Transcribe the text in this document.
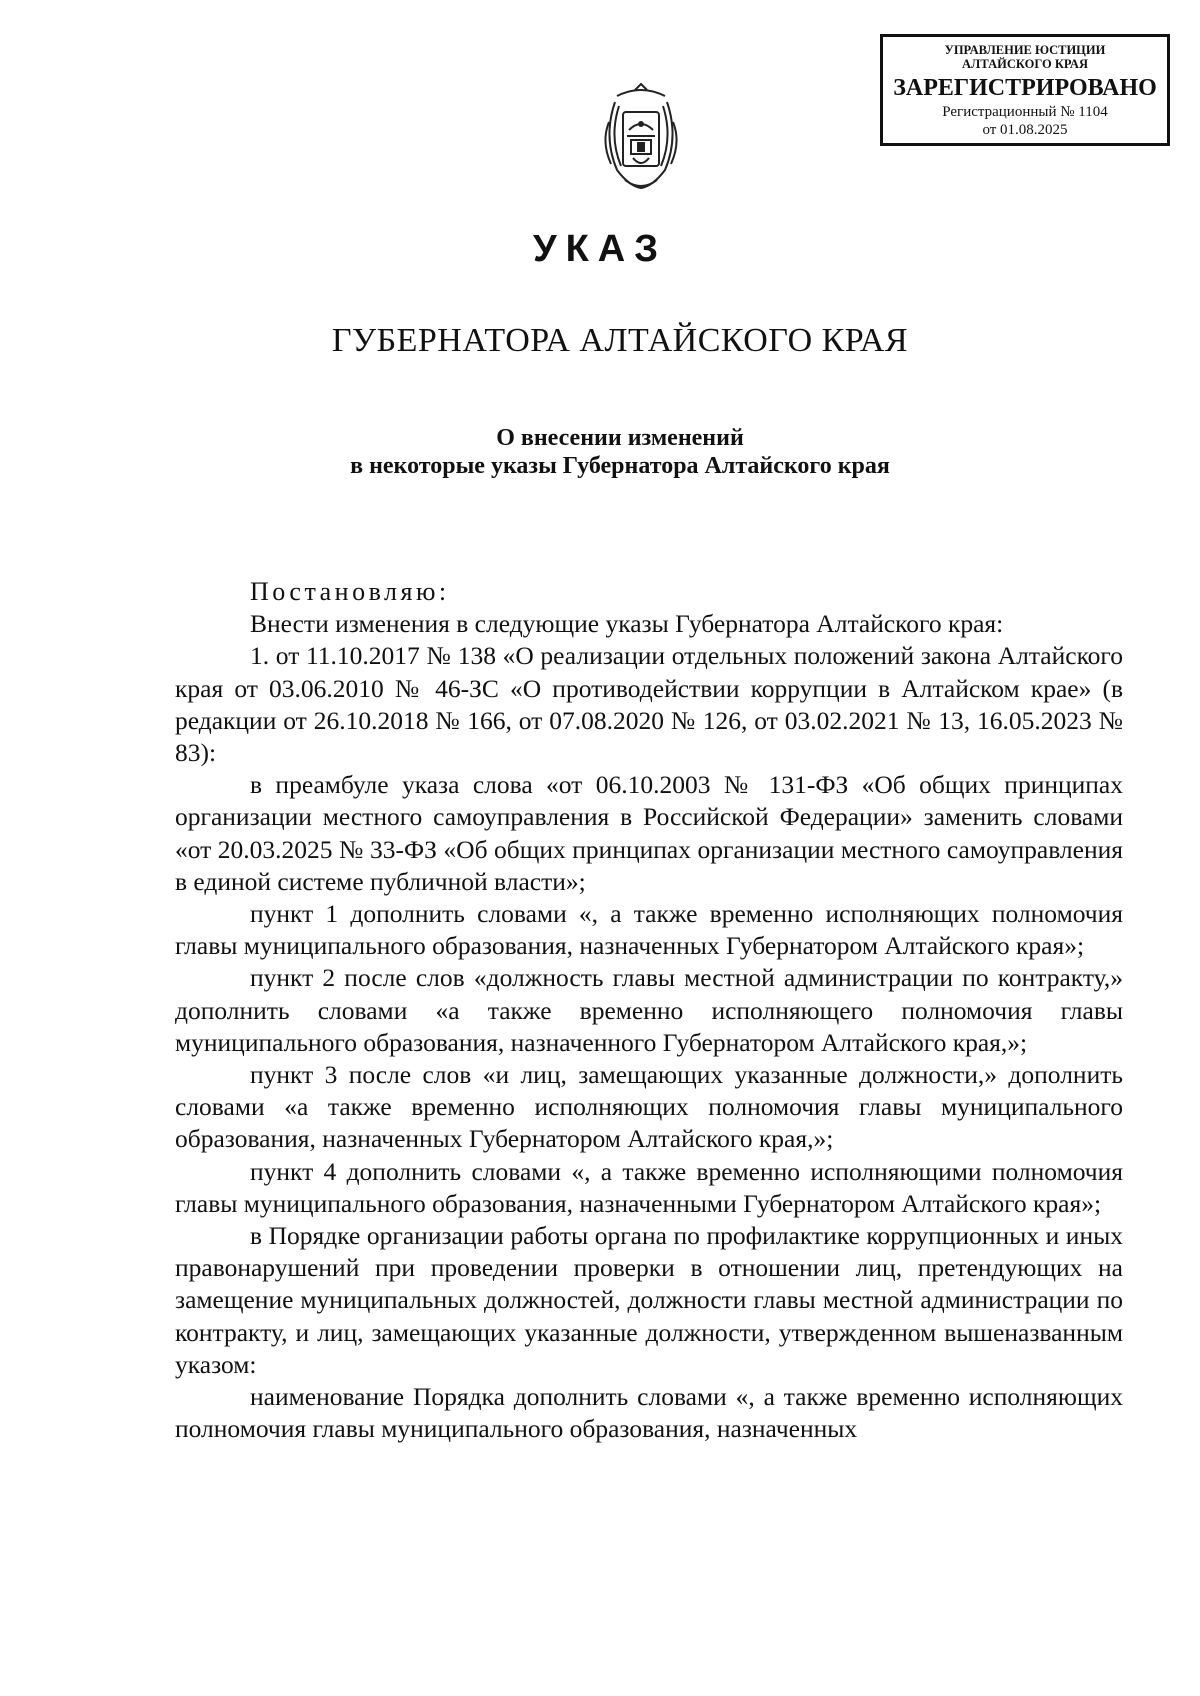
УПРАВЛЕНИЕ ЮСТИЦИИ
АЛТАЙСКОГО КРАЯ
ЗАРЕГИСТРИРОВАНО
Регистрационный № 1104
от 01.08.2025
УКАЗ
ГУБЕРНАТОРА АЛТАЙСКОГО КРАЯ
О внесении изменений
в некоторые указы Губернатора Алтайского края

Постановляю:

Внести изменения в следующие указы Губернатора Алтайского края:

1. от 11.10.2017 № 138 «О реализации отдельных положений закона Алтайского края от 03.06.2010 № 46-ЗС «О противодействии коррупции в Алтайском крае» (в редакции от 26.10.2018 № 166, от 07.08.2020 № 126, от 03.02.2021 № 13, 16.05.2023 № 83):

в преамбуле указа слова «от 06.10.2003 № 131-ФЗ «Об общих принципах организации местного самоуправления в Российской Федерации» заменить словами «от 20.03.2025 № 33-ФЗ «Об общих принципах организации местного самоуправления в единой системе публичной власти»;

пункт 1 дополнить словами «, а также временно исполняющих полномочия главы муниципального образования, назначенных Губернатором Алтайского края»;

пункт 2 после слов «должность главы местной администрации по контракту,» дополнить словами «а также временно исполняющего полномочия главы муниципального образования, назначенного Губернатором Алтайского края,»;

пункт 3 после слов «и лиц, замещающих указанные должности,» дополнить словами «а также временно исполняющих полномочия главы муниципального образования, назначенных Губернатором Алтайского края,»;

пункт 4 дополнить словами «, а также временно исполняющими полномочия главы муниципального образования, назначенными Губернатором Алтайского края»;

в Порядке организации работы органа по профилактике коррупционных и иных правонарушений при проведении проверки в отношении лиц, претендующих на замещение муниципальных должностей, должности главы местной администрации по контракту, и лиц, замещающих указанные должности, утвержденном вышеназванным указом:

наименование Порядка дополнить словами «, а также временно исполняющих полномочия главы муниципального образования, назначенных
